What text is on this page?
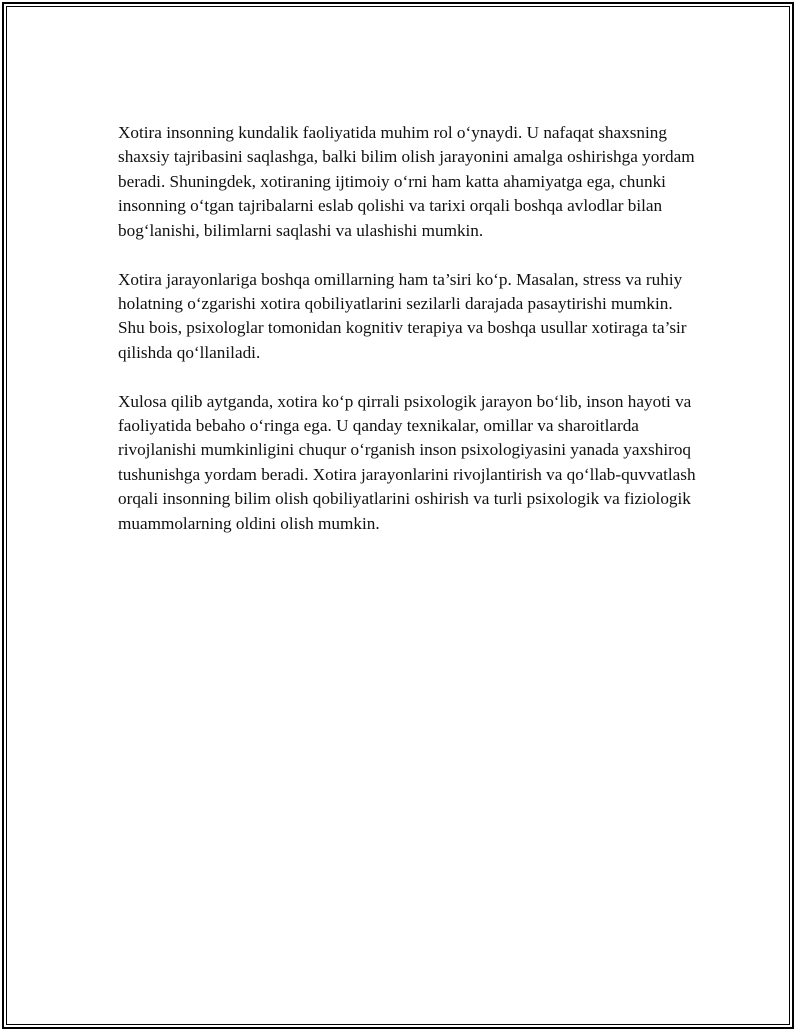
Xotira insonning kundalik faoliyatida muhim rol o‘ynaydi. U nafaqat shaxsning shaxsiy tajribasini saqlashga, balki bilim olish jarayonini amalga oshirishga yordam beradi. Shuningdek, xotiraning ijtimoiy o‘rni ham katta ahamiyatga ega, chunki insonning o‘tgan tajribalarni eslab qolishi va tarixi orqali boshqa avlodlar bilan bog‘lanishi, bilimlarni saqlashi va ulashishi mumkin.

Xotira jarayonlariga boshqa omillarning ham ta’siri ko‘p. Masalan, stress va ruhiy holatning o‘zgarishi xotira qobiliyatlarini sezilarli darajada pasaytirishi mumkin. Shu bois, psixologlar tomonidan kognitiv terapiya va boshqa usullar xotiraga ta’sir qilishda qo‘llaniladi.

Xulosa qilib aytganda, xotira ko‘p qirrali psixologik jarayon bo‘lib, inson hayoti va faoliyatida bebaho o‘ringa ega. U qanday texnikalar, omillar va sharoitlarda rivojlanishi mumkinligini chuqur o‘rganish inson psixologiyasini yanada yaxshiroq tushunishga yordam beradi. Xotira jarayonlarini rivojlantirish va qo‘llab-quvvatlash orqali insonning bilim olish qobiliyatlarini oshirish va turli psixologik va fiziologik muammolarning oldini olish mumkin.
